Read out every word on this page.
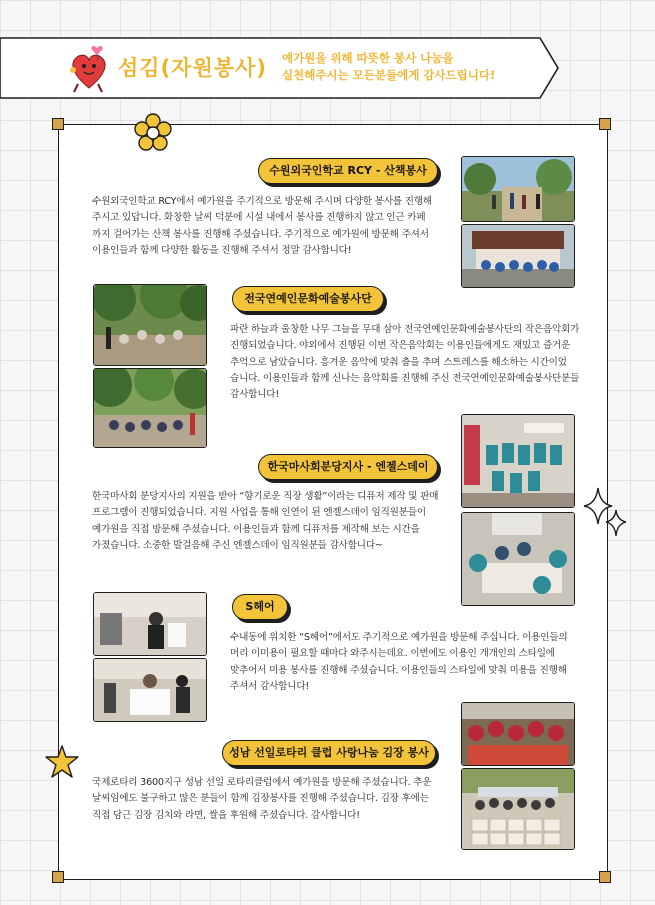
섬김(자원봉사) 예가원을 위해 따뜻한 봉사 나눔을
실천해주시는 모든분들에게 감사드립니다!
수원외국인학교 RCY - 산책봉사
수원외국인학교 RCY에서 예가원을 주기적으로 방문해 주시며 다양한 봉사를 진행해
주시고 있답니다. 화창한 날씨 덕분에 시설 내에서 봉사를 진행하지 않고 인근 카페
까지 걸어가는 산책 봉사를 진행해 주셨습니다. 주기적으로 예가원에 방문해 주셔서
이용인들과 함께 다양한 활동을 진행해 주셔서 정말 감사합니다!
전국연예인문화예술봉사단
파란 하늘과 울창한 나무 그늘을 무대 삼아 전국연예인문화예술봉사단의 작은음악회가
진행되었습니다. 야외에서 진행된 이번 작은음악회는 이용인들에게도 재밌고 즐거운
추억으로 남았습니다. 흥겨운 음악에 맞춰 춤을 추며 스트레스를 해소하는 시간이었
습니다. 이용인들과 함께 신나는 음악회를 진행해 주신 전국연예인문화예술봉사단분들
감사합니다!
한국마사회분당지사 - 엔젤스데이
한국마사회 분당지사의 지원을 받아 “향기로운 직장 생활”이라는 디퓨저 제작 및 판매
프로그램이 진행되었습니다. 지원 사업을 통해 인연이 된 엔젤스데이 임직원분들이
예가원을 직접 방문해 주셨습니다. 이용인들과 함께 디퓨저를 제작해 보는 시간을
가졌습니다. 소중한 발걸음해 주신 엔젤스데이 임직원분들 감사합니다~
S헤어
수내동에 위치한 “S헤어”에서도 주기적으로 예가원을 방문해 주십니다. 이용인들의
머리 이미용이 필요할 때마다 와주시는데요. 이번에도 이용인 개개인의 스타일에
맞추어서 미용 봉사를 진행해 주셨습니다. 이용인들의 스타일에 맞춰 미용을 진행해
주셔서 감사합니다!
성남 선일로타리 클럽 사랑나눔 김장 봉사
국제로타리 3600지구 성남 선일 로타리클럽에서 예가원을 방문해 주셨습니다. 추운
날씨임에도 불구하고 많은 분들이 함께 김장봉사를 진행해 주셨습니다. 김장 후에는
직접 담근 김장 김치와 라면, 쌀을 후원해 주셨습니다. 감사합니다!
